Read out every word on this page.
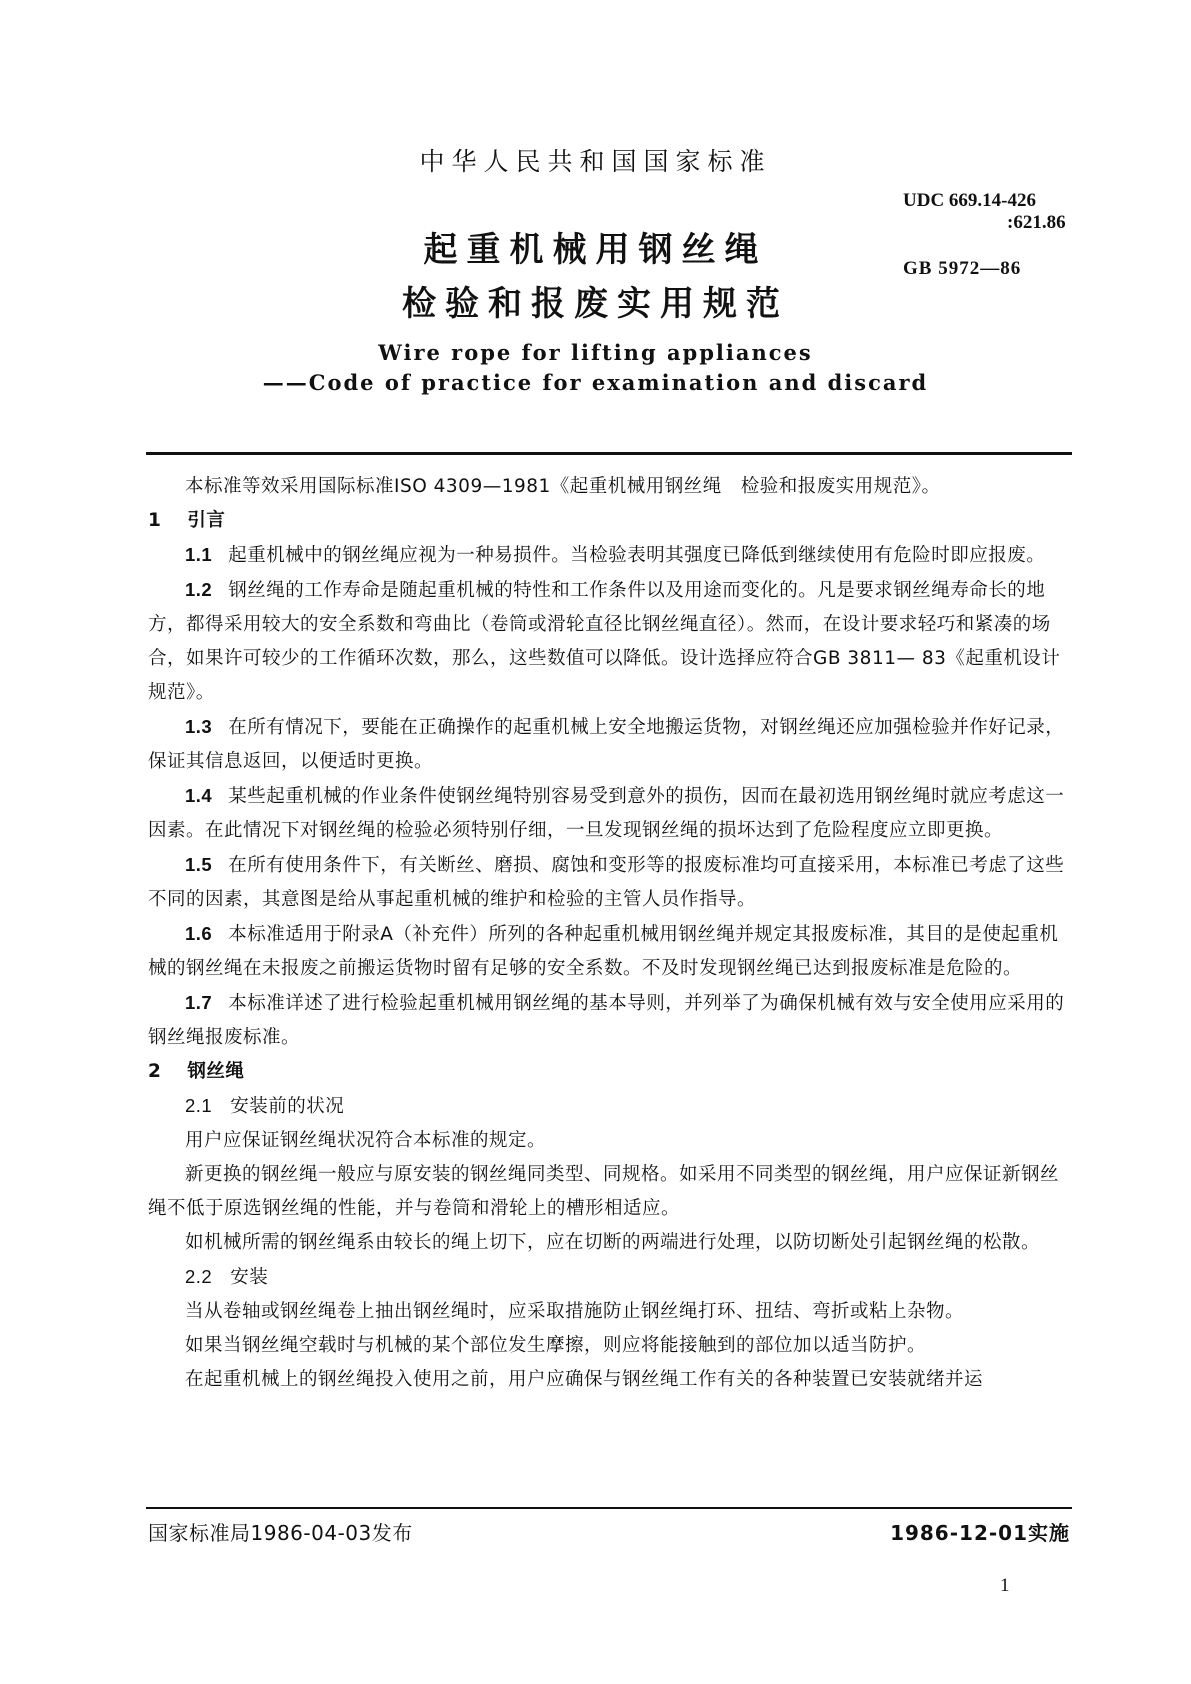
中华人民共和国国家标准
起重机械用钢丝绳
检验和报废实用规范
UDC 669.14-426
:621.86
GB 5972—86
Wire rope for lifting appliances
——Code of practice for examination and discard

本标准等效采用国际标准ISO 4309—1981《起重机械用钢丝绳　检验和报废实用规范》。

1 引言

1.1 起重机械中的钢丝绳应视为一种易损件。当检验表明其强度已降低到继续使用有危险时即应报废。

1.2 钢丝绳的工作寿命是随起重机械的特性和工作条件以及用途而变化的。凡是要求钢丝绳寿命长的地方，都得采用较大的安全系数和弯曲比（卷筒或滑轮直径比钢丝绳直径）。然而，在设计要求轻巧和紧凑的场合，如果许可较少的工作循环次数，那么，这些数值可以降低。设计选择应符合GB 3811— 83《起重机设计规范》。

1.3 在所有情况下，要能在正确操作的起重机械上安全地搬运货物，对钢丝绳还应加强检验并作好记录，保证其信息返回，以便适时更换。

1.4 某些起重机械的作业条件使钢丝绳特别容易受到意外的损伤，因而在最初选用钢丝绳时就应考虑这一因素。在此情况下对钢丝绳的检验必须特别仔细，一旦发现钢丝绳的损坏达到了危险程度应立即更换。

1.5 在所有使用条件下，有关断丝、磨损、腐蚀和变形等的报废标准均可直接采用，本标准已考虑了这些不同的因素，其意图是给从事起重机械的维护和检验的主管人员作指导。

1.6 本标准适用于附录A（补充件）所列的各种起重机械用钢丝绳并规定其报废标准，其目的是使起重机械的钢丝绳在未报废之前搬运货物时留有足够的安全系数。不及时发现钢丝绳已达到报废标准是危险的。

1.7 本标准详述了进行检验起重机械用钢丝绳的基本导则，并列举了为确保机械有效与安全使用应采用的钢丝绳报废标准。

2 钢丝绳

2.1 安装前的状况

用户应保证钢丝绳状况符合本标准的规定。

新更换的钢丝绳一般应与原安装的钢丝绳同类型、同规格。如采用不同类型的钢丝绳，用户应保证新钢丝绳不低于原选钢丝绳的性能，并与卷筒和滑轮上的槽形相适应。

如机械所需的钢丝绳系由较长的绳上切下，应在切断的两端进行处理，以防切断处引起钢丝绳的松散。

2.2 安装

当从卷轴或钢丝绳卷上抽出钢丝绳时，应采取措施防止钢丝绳打环、扭结、弯折或粘上杂物。

如果当钢丝绳空载时与机械的某个部位发生摩擦，则应将能接触到的部位加以适当防护。

在起重机械上的钢丝绳投入使用之前，用户应确保与钢丝绳工作有关的各种装置已安装就绪并运

国家标准局1986-04-03发布	1986-12-01实施
1
